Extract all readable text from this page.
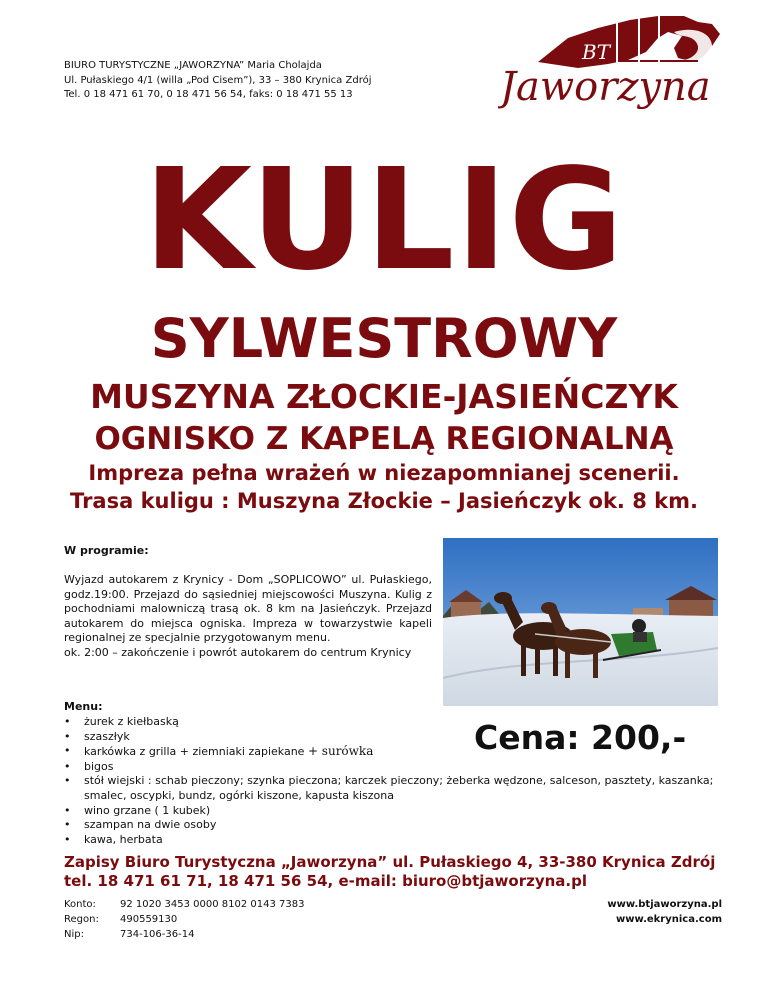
BIURO TURYSTYCZNE „JAWORZYNA” Maria Cholajda
Ul. Pułaskiego 4/1 (willa „Pod Cisem”), 33 – 380 Krynica Zdrój
Tel. 0 18 471 61 70, 0 18 471 56 54, faks: 0 18 471 55 13
BT
Jaworzyna
KULIG
SYLWESTROWY
MUSZYNA ZŁOCKIE-JASIEŃCZYK
OGNISKO Z KAPELĄ REGIONALNĄ
Impreza pełna wrażeń w niezapomnianej scenerii.
Trasa kuligu : Muszyna Złockie – Jasieńczyk ok. 8 km.
W programie:

Wyjazd autokarem z Krynicy - Dom „SOPLICOWO” ul. Pułaskiego, godz.19:00. Przejazd do sąsiedniej miejscowości Muszyna. Kulig z pochodniami malowniczą trasą ok. 8 km na Jasieńczyk. Przejazd autokarem do miejsca ogniska. Impreza w towarzystwie kapeli regionalnej ze specjalnie przygotowanym menu.

ok. 2:00 – zakończenie i powrót autokarem do centrum Krynicy

Menu:
• żurek z kiełbaską
• szaszłyk
• karkówka z grilla + ziemniaki zapiekane + surówka
• bigos
• stół wiejski : schab pieczony; szynka pieczona; karczek pieczony; żeberka wędzone, salceson, pasztety, kaszanka; smalec, oscypki, bundz, ogórki kiszone, kapusta kiszona
• wino grzane ( 1 kubek)
• szampan na dwie osoby
• kawa, herbata
Cena: 200,-
Zapisy Biuro Turystyczna „Jaworzyna” ul. Pułaskiego 4, 33-380 Krynica Zdrój
tel. 18 471 61 71, 18 471 56 54, e-mail: biuro@btjaworzyna.pl
Konto:	92 1020 3453 0000 8102 0143 7383
Regon:	490559130
Nip:	734-106-36-14
www.btjaworzyna.pl
www.ekrynica.com
